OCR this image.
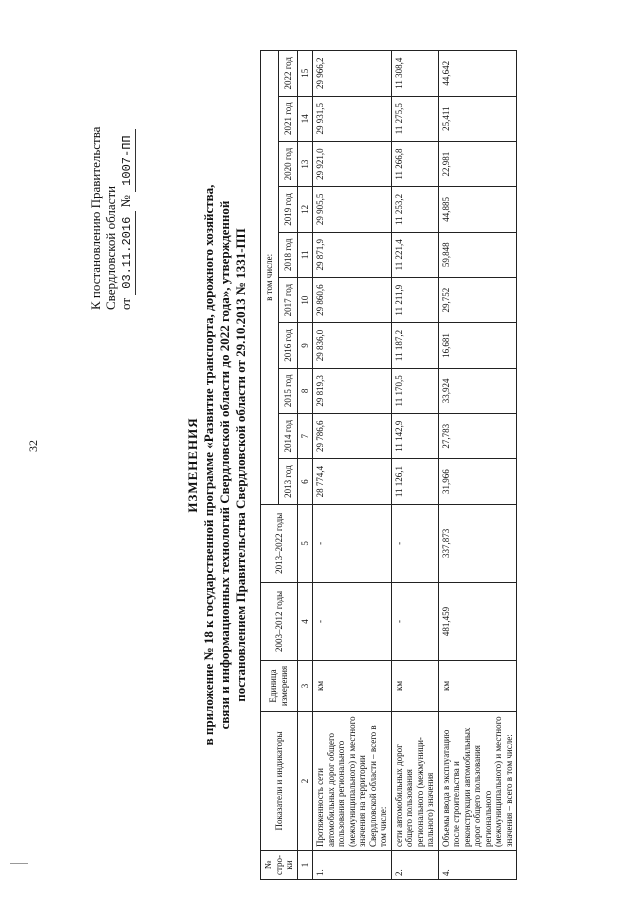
32
К постановлению Правительства Свердловской области от 03.11.2016 № 1007-ПП
ИЗМЕНЕНИЯ в приложение № 18 к государственной программе «Развитие транспорта, дорожного хозяйства, связи и информационных технологий Свердловской области до 2022 года», утвержденной постановлением Правительства Свердловской области от 29.10.2013 № 1331-ПП
№ стро- ки	Показатели и индикаторы	Единица измерения	2003–2012 годы	2013–2022 годы	в том числе:									
					2013 год	2014 год	2015 год	2016 год	2017 год	2018 год	2019 год	2020 год	2021 год	2022 год
1	2	3	4	5	6	7	8	9	10	11	12	13	14	15
1.	Протяженность сети автомобильных дорог общего пользования регионального (межмуниципального) и местного значения на территории Свердловской области – всего в том числе:	км	-	-	28 774,4	29 786,6	29 819,3	29 836,0	29 860,6	29 871,9	29 905,5	29 921,0	29 931,5	29 966,2
2.	сети автомобильных дорог общего пользования регионального (межмуници-пального) значения	км	-	-	11 126,1	11 142,9	11 170,5	11 187,2	11 211,9	11 221,4	11 253,2	11 266,8	11 275,5	11 308,4
4.	Объемы ввода в эксплуатацию после строительства и реконструкции автомобильных дорог общего пользования регионального (межмуниципального) и местного значения – всего в том числе:	км	481,459	337,873	31,966	27,783	33,924	16,681	29,752	59,848	44,885	22,981	25,411	44,642
